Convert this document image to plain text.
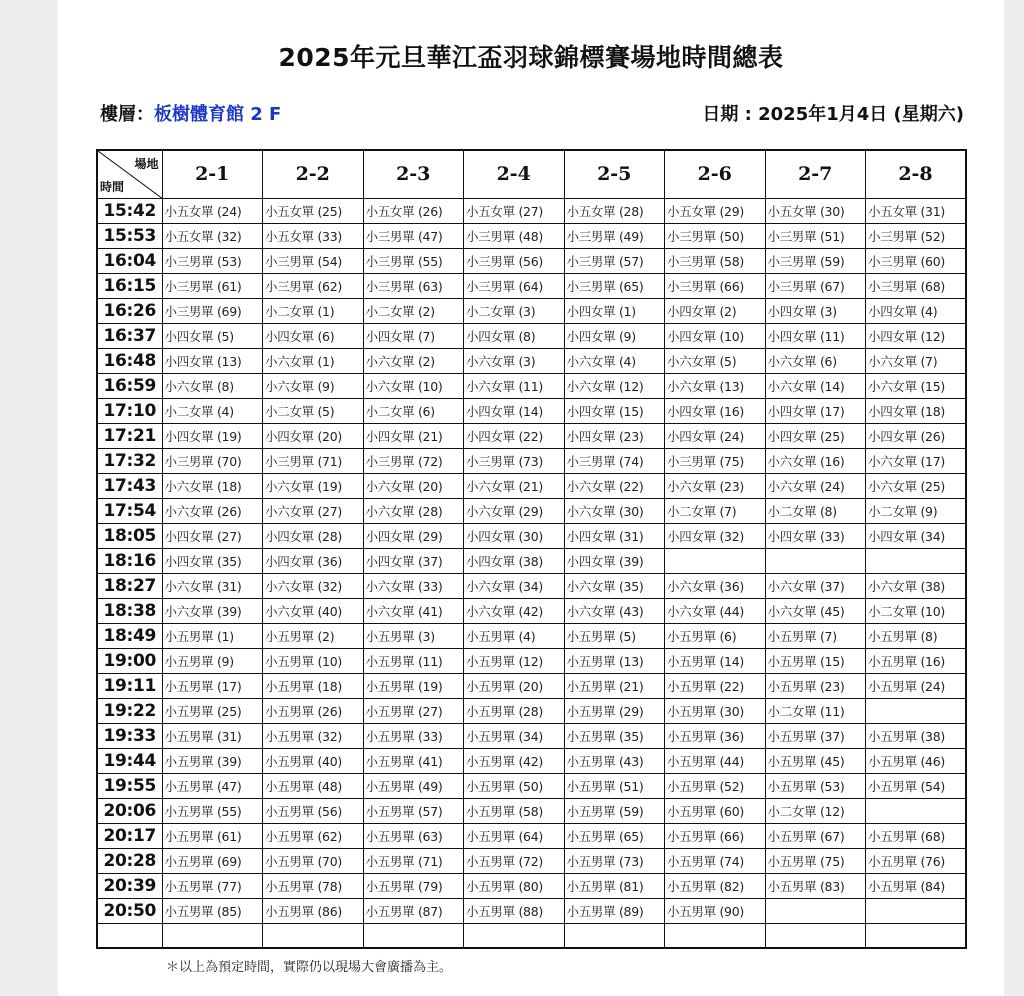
2025年元旦華江盃羽球錦標賽場地時間總表
樓層：板樹體育館 2 F	日期 : 2025年1月4日 (星期六)
場地
時間	2-1	2-2	2-3	2-4	2-5	2-6	2-7	2-8
15:42	小五女單 (24)	小五女單 (25)	小五女單 (26)	小五女單 (27)	小五女單 (28)	小五女單 (29)	小五女單 (30)	小五女單 (31)
15:53	小五女單 (32)	小五女單 (33)	小三男單 (47)	小三男單 (48)	小三男單 (49)	小三男單 (50)	小三男單 (51)	小三男單 (52)
16:04	小三男單 (53)	小三男單 (54)	小三男單 (55)	小三男單 (56)	小三男單 (57)	小三男單 (58)	小三男單 (59)	小三男單 (60)
16:15	小三男單 (61)	小三男單 (62)	小三男單 (63)	小三男單 (64)	小三男單 (65)	小三男單 (66)	小三男單 (67)	小三男單 (68)
16:26	小三男單 (69)	小二女單 (1)	小二女單 (2)	小二女單 (3)	小四女單 (1)	小四女單 (2)	小四女單 (3)	小四女單 (4)
16:37	小四女單 (5)	小四女單 (6)	小四女單 (7)	小四女單 (8)	小四女單 (9)	小四女單 (10)	小四女單 (11)	小四女單 (12)
16:48	小四女單 (13)	小六女單 (1)	小六女單 (2)	小六女單 (3)	小六女單 (4)	小六女單 (5)	小六女單 (6)	小六女單 (7)
16:59	小六女單 (8)	小六女單 (9)	小六女單 (10)	小六女單 (11)	小六女單 (12)	小六女單 (13)	小六女單 (14)	小六女單 (15)
17:10	小二女單 (4)	小二女單 (5)	小二女單 (6)	小四女單 (14)	小四女單 (15)	小四女單 (16)	小四女單 (17)	小四女單 (18)
17:21	小四女單 (19)	小四女單 (20)	小四女單 (21)	小四女單 (22)	小四女單 (23)	小四女單 (24)	小四女單 (25)	小四女單 (26)
17:32	小三男單 (70)	小三男單 (71)	小三男單 (72)	小三男單 (73)	小三男單 (74)	小三男單 (75)	小六女單 (16)	小六女單 (17)
17:43	小六女單 (18)	小六女單 (19)	小六女單 (20)	小六女單 (21)	小六女單 (22)	小六女單 (23)	小六女單 (24)	小六女單 (25)
17:54	小六女單 (26)	小六女單 (27)	小六女單 (28)	小六女單 (29)	小六女單 (30)	小二女單 (7)	小二女單 (8)	小二女單 (9)
18:05	小四女單 (27)	小四女單 (28)	小四女單 (29)	小四女單 (30)	小四女單 (31)	小四女單 (32)	小四女單 (33)	小四女單 (34)
18:16	小四女單 (35)	小四女單 (36)	小四女單 (37)	小四女單 (38)	小四女單 (39)			
18:27	小六女單 (31)	小六女單 (32)	小六女單 (33)	小六女單 (34)	小六女單 (35)	小六女單 (36)	小六女單 (37)	小六女單 (38)
18:38	小六女單 (39)	小六女單 (40)	小六女單 (41)	小六女單 (42)	小六女單 (43)	小六女單 (44)	小六女單 (45)	小二女單 (10)
18:49	小五男單 (1)	小五男單 (2)	小五男單 (3)	小五男單 (4)	小五男單 (5)	小五男單 (6)	小五男單 (7)	小五男單 (8)
19:00	小五男單 (9)	小五男單 (10)	小五男單 (11)	小五男單 (12)	小五男單 (13)	小五男單 (14)	小五男單 (15)	小五男單 (16)
19:11	小五男單 (17)	小五男單 (18)	小五男單 (19)	小五男單 (20)	小五男單 (21)	小五男單 (22)	小五男單 (23)	小五男單 (24)
19:22	小五男單 (25)	小五男單 (26)	小五男單 (27)	小五男單 (28)	小五男單 (29)	小五男單 (30)	小二女單 (11)	
19:33	小五男單 (31)	小五男單 (32)	小五男單 (33)	小五男單 (34)	小五男單 (35)	小五男單 (36)	小五男單 (37)	小五男單 (38)
19:44	小五男單 (39)	小五男單 (40)	小五男單 (41)	小五男單 (42)	小五男單 (43)	小五男單 (44)	小五男單 (45)	小五男單 (46)
19:55	小五男單 (47)	小五男單 (48)	小五男單 (49)	小五男單 (50)	小五男單 (51)	小五男單 (52)	小五男單 (53)	小五男單 (54)
20:06	小五男單 (55)	小五男單 (56)	小五男單 (57)	小五男單 (58)	小五男單 (59)	小五男單 (60)	小二女單 (12)	
20:17	小五男單 (61)	小五男單 (62)	小五男單 (63)	小五男單 (64)	小五男單 (65)	小五男單 (66)	小五男單 (67)	小五男單 (68)
20:28	小五男單 (69)	小五男單 (70)	小五男單 (71)	小五男單 (72)	小五男單 (73)	小五男單 (74)	小五男單 (75)	小五男單 (76)
20:39	小五男單 (77)	小五男單 (78)	小五男單 (79)	小五男單 (80)	小五男單 (81)	小五男單 (82)	小五男單 (83)	小五男單 (84)
20:50	小五男單 (85)	小五男單 (86)	小五男單 (87)	小五男單 (88)	小五男單 (89)	小五男單 (90)		

＊以上為預定時間，實際仍以現場大會廣播為主。
